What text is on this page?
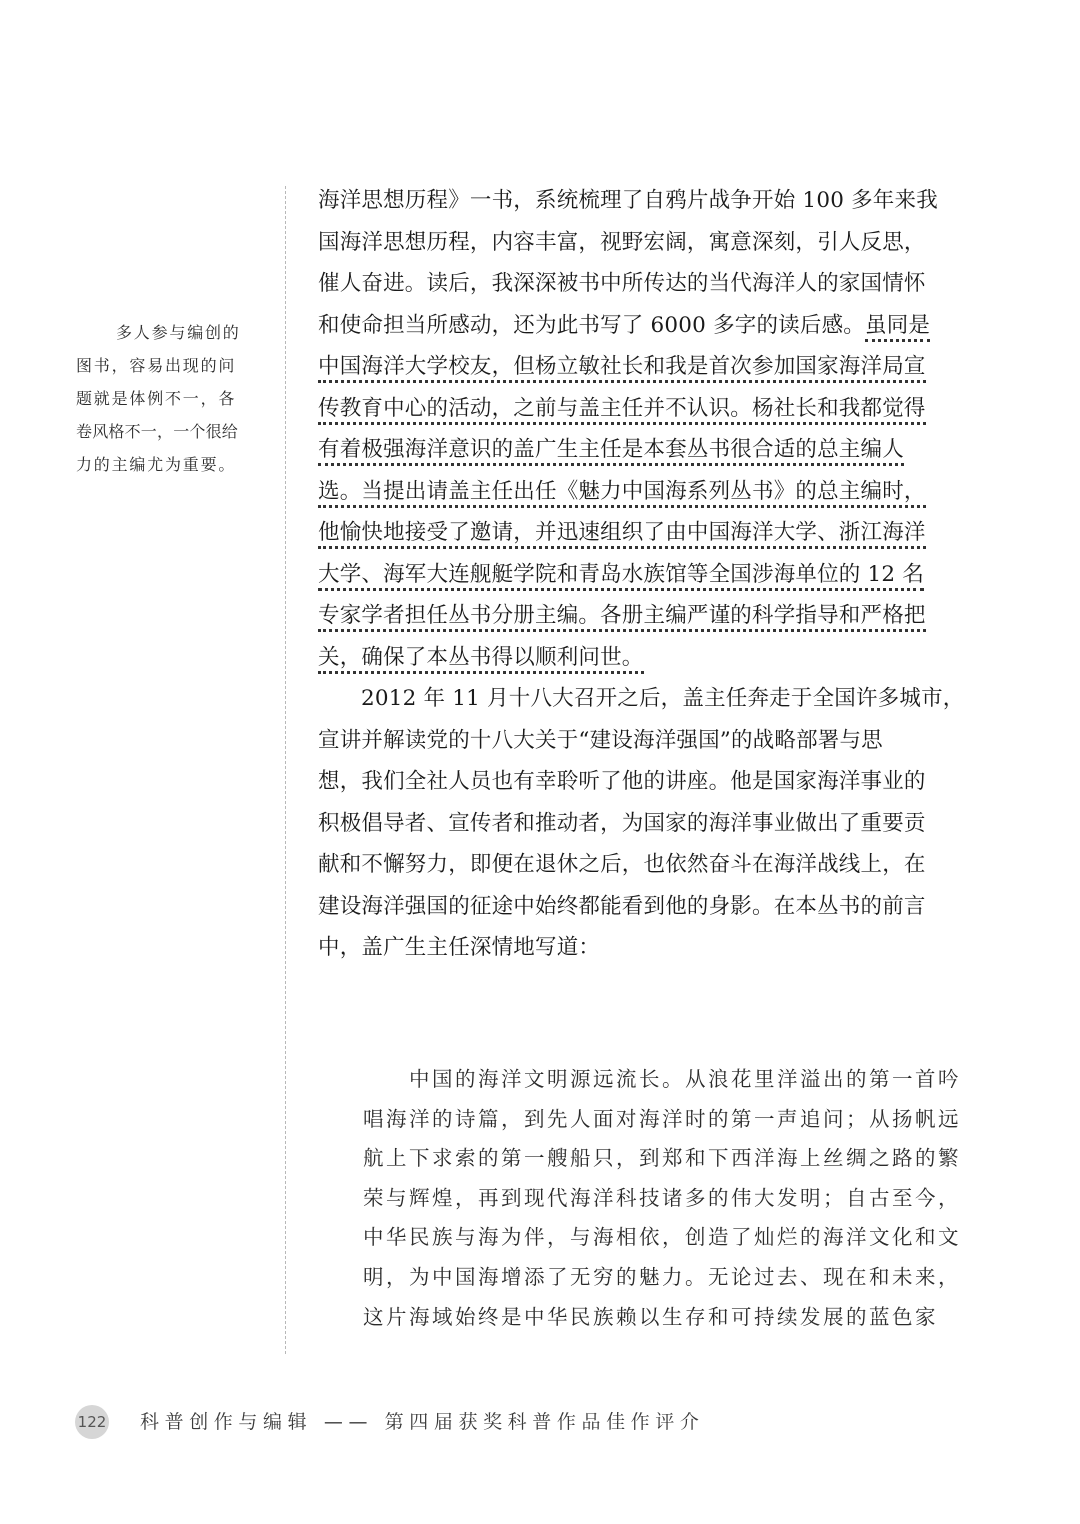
多人参与编创的
图书，容易出现的问
题就是体例不一，各
卷风格不一，一个很给
力的主编尤为重要。
海洋思想历程》一书，系统梳理了自鸦片战争开始 100 多年来我
国海洋思想历程，内容丰富，视野宏阔，寓意深刻，引人反思，
催人奋进。读后，我深深被书中所传达的当代海洋人的家国情怀
和使命担当所感动，还为此书写了 6000 多字的读后感。虽同是
中国海洋大学校友，但杨立敏社长和我是首次参加国家海洋局宣
传教育中心的活动，之前与盖主任并不认识。杨社长和我都觉得
有着极强海洋意识的盖广生主任是本套丛书很合适的总主编人
选。当提出请盖主任出任《魅力中国海系列丛书》的总主编时，
他愉快地接受了邀请，并迅速组织了由中国海洋大学、浙江海洋
大学、海军大连舰艇学院和青岛水族馆等全国涉海单位的 12 名
专家学者担任丛书分册主编。各册主编严谨的科学指导和严格把
关，确保了本丛书得以顺利问世。
2012 年 11 月十八大召开之后，盖主任奔走于全国许多城市，
宣讲并解读党的十八大关于“建设海洋强国”的战略部署与思
想，我们全社人员也有幸聆听了他的讲座。他是国家海洋事业的
积极倡导者、宣传者和推动者，为国家的海洋事业做出了重要贡
献和不懈努力，即便在退休之后，也依然奋斗在海洋战线上，在
建设海洋强国的征途中始终都能看到他的身影。在本丛书的前言
中，盖广生主任深情地写道：
中国的海洋文明源远流长。从浪花里洋溢出的第一首吟
唱海洋的诗篇，到先人面对海洋时的第一声追问；从扬帆远
航上下求索的第一艘船只，到郑和下西洋海上丝绸之路的繁
荣与辉煌，再到现代海洋科技诸多的伟大发明；自古至今，
中华民族与海为伴，与海相依，创造了灿烂的海洋文化和文
明，为中国海增添了无穷的魅力。无论过去、现在和未来，
这片海域始终是中华民族赖以生存和可持续发展的蓝色家
122 科普创作与编辑 —— 第四届获奖科普作品佳作评介
